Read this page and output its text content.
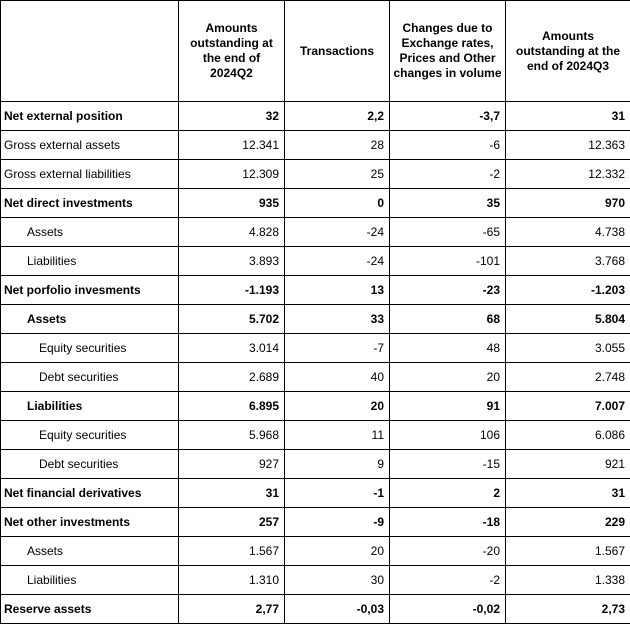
	Amounts outstanding at the end of 2024Q2	Transactions	Changes due to Exchange rates, Prices and Other changes in volume	Amounts outstanding at the end of 2024Q3
Net external position	32	2,2	-3,7	31
Gross external assets	12.341	28	-6	12.363
Gross external liabilities	12.309	25	-2	12.332
Net direct investments	935	0	35	970
Assets	4.828	-24	-65	4.738
Liabilities	3.893	-24	-101	3.768
Net porfolio invesments	-1.193	13	-23	-1.203
Assets	5.702	33	68	5.804
Equity securities	3.014	-7	48	3.055
Debt securities	2.689	40	20	2.748
Liabilities	6.895	20	91	7.007
Equity securities	5.968	11	106	6.086
Debt securities	927	9	-15	921
Net financial derivatives	31	-1	2	31
Net other investments	257	-9	-18	229
Assets	1.567	20	-20	1.567
Liabilities	1.310	30	-2	1.338
Reserve assets	2,77	-0,03	-0,02	2,73
